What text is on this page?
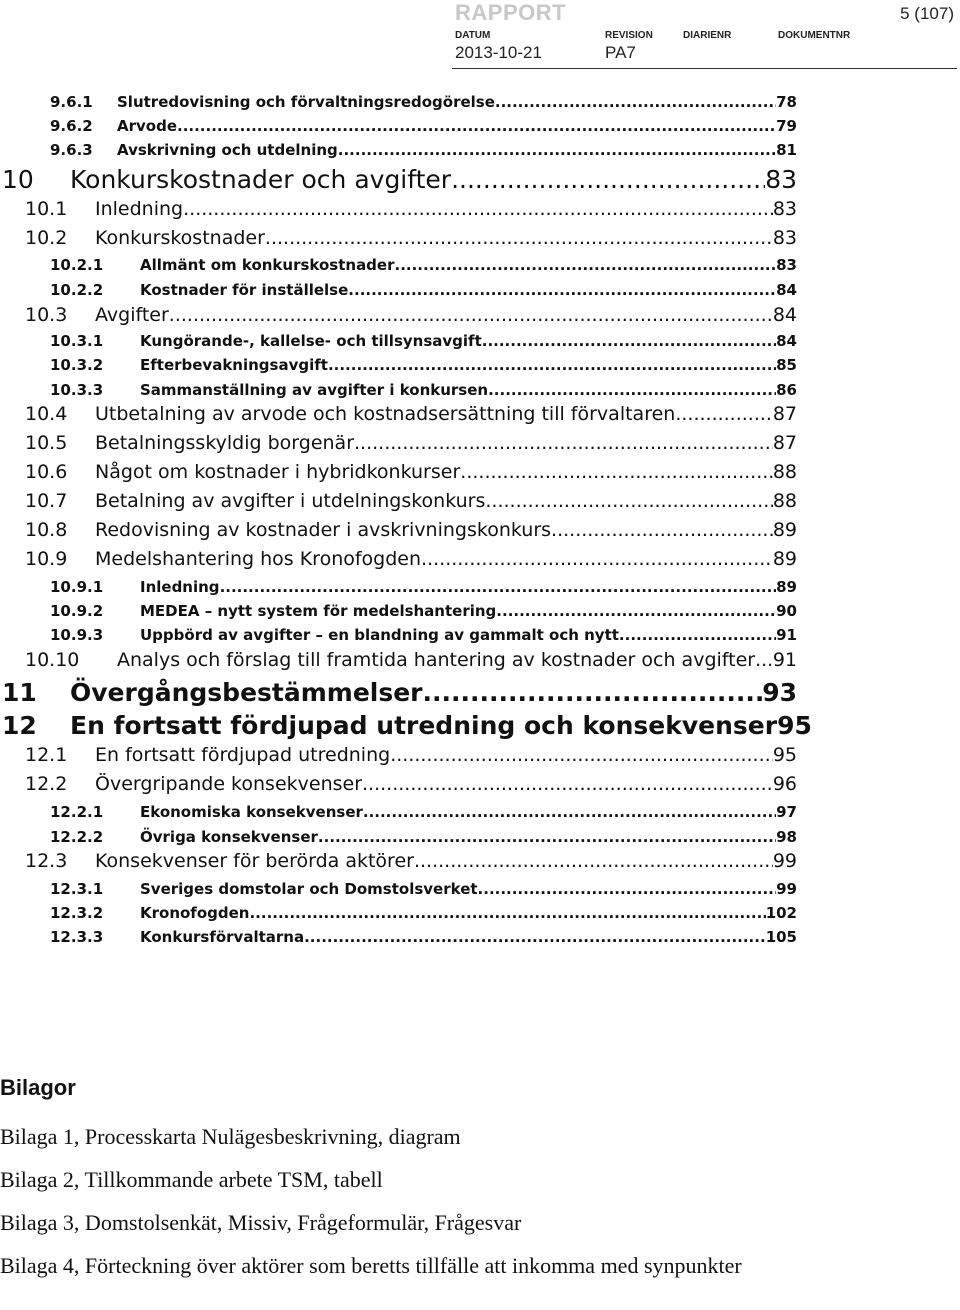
RAPPORT	5 (107)
DATUM	REVISION	DIARIENR	DOKUMENTNR
2013-10-21	PA7
9.6.1 Slutredovisning och förvaltningsredogörelse .....	78
9.6.2 Arvode .....	79
9.6.3 Avskrivning och utdelning .....	81
10 Konkurskostnader och avgifter .....	83
10.1 Inledning .....	83
10.2 Konkurskostnader .....	83
10.2.1 Allmänt om konkurskostnader .....	83
10.2.2 Kostnader för inställelse .....	84
10.3 Avgifter .....	84
10.3.1 Kungörande-, kallelse- och tillsynsavgift .....	84
10.3.2 Efterbevakningsavgift .....	85
10.3.3 Sammanställning av avgifter i konkursen .....	86
10.4 Utbetalning av arvode och kostnadsersättning till förvaltaren .....	87
10.5 Betalningsskyldig borgenär .....	87
10.6 Något om kostnader i hybridkonkurser .....	88
10.7 Betalning av avgifter i utdelningskonkurs .....	88
10.8 Redovisning av kostnader i avskrivningskonkurs .....	89
10.9 Medelshantering hos Kronofogden .....	89
10.9.1 Inledning .....	89
10.9.2 MEDEA – nytt system för medelshantering .....	90
10.9.3 Uppbörd av avgifter – en blandning av gammalt och nytt .....	91
10.10 Analys och förslag till framtida hantering av kostnader och avgifter ..... 91
11 Övergångsbestämmelser .....	93
12 En fortsatt fördjupad utredning och konsekvenser 95
12.1 En fortsatt fördjupad utredning .....	95
12.2 Övergripande konsekvenser .....	96
12.2.1 Ekonomiska konsekvenser .....	97
12.2.2 Övriga konsekvenser .....	98
12.3 Konsekvenser för berörda aktörer .....	99
12.3.1 Sveriges domstolar och Domstolsverket .....	99
12.3.2 Kronofogden .....	102
12.3.3 Konkursförvaltarna .....	105
Bilagor
Bilaga 1, Processkarta Nulägesbeskrivning, diagram
Bilaga 2, Tillkommande arbete TSM, tabell
Bilaga 3, Domstolsenkät, Missiv, Frågeformulär, Frågesvar
Bilaga 4, Förteckning över aktörer som beretts tillfälle att inkomma med synpunkter
